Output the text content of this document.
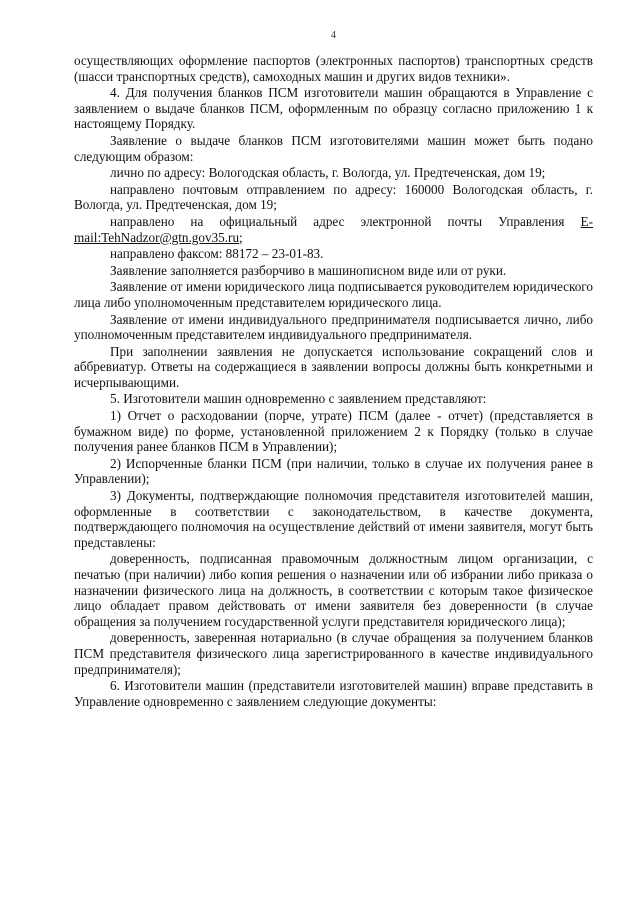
4

осуществляющих оформление паспортов (электронных паспортов) транспортных средств (шасси транспортных средств), самоходных машин и других видов техники».

4. Для получения бланков ПСМ изготовители машин обращаются в Управление с заявлением о выдаче бланков ПСМ, оформленным по образцу согласно приложению 1 к настоящему Порядку.

Заявление о выдаче бланков ПСМ изготовителями машин может быть подано следующим образом:

лично по адресу: Вологодская область, г. Вологда, ул. Предтеченская, дом 19;

направлено почтовым отправлением по адресу: 160000 Вологодская область, г. Вологда, ул. Предтеченская, дом 19;

направлено на официальный адрес электронной почты Управления E-mail:TehNadzor@gtn.gov35.ru;

направлено факсом: 88172 – 23-01-83.

Заявление заполняется разборчиво в машинописном виде или от руки.

Заявление от имени юридического лица подписывается руководителем юридического лица либо уполномоченным представителем юридического лица.

Заявление от имени индивидуального предпринимателя подписывается лично, либо уполномоченным представителем индивидуального предпринимателя.

При заполнении заявления не допускается использование сокращений слов и аббревиатур. Ответы на содержащиеся в заявлении вопросы должны быть конкретными и исчерпывающими.

5. Изготовители машин одновременно с заявлением представляют:

1) Отчет о расходовании (порче, утрате) ПСМ (далее - отчет) (представляется в бумажном виде) по форме, установленной приложением 2 к Порядку (только в случае получения ранее бланков ПСМ в Управлении);

2) Испорченные бланки ПСМ (при наличии, только в случае их получения ранее в Управлении);

3) Документы, подтверждающие полномочия представителя изготовителей машин, оформленные в соответствии с законодательством, в качестве документа, подтверждающего полномочия на осуществление действий от имени заявителя, могут быть представлены:

доверенность, подписанная правомочным должностным лицом организации, с печатью (при наличии) либо копия решения о назначении или об избрании либо приказа о назначении физического лица на должность, в соответствии с которым такое физическое лицо обладает правом действовать от имени заявителя без доверенности (в случае обращения за получением государственной услуги представителя юридического лица);

доверенность, заверенная нотариально (в случае обращения за получением бланков ПСМ представителя физического лица зарегистрированного в качестве индивидуального предпринимателя);

6. Изготовители машин (представители изготовителей машин) вправе представить в Управление одновременно с заявлением следующие документы:
